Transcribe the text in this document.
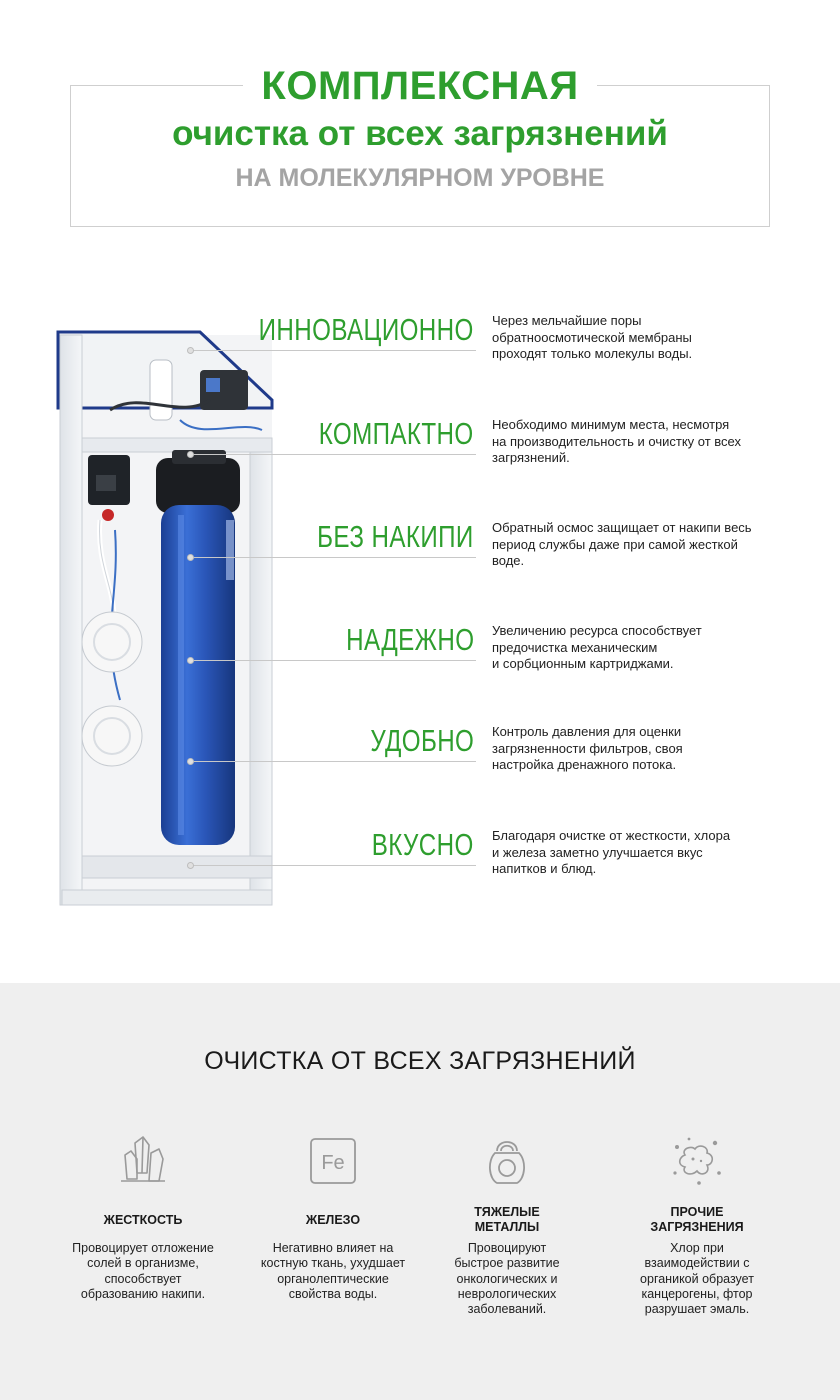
КОМПЛЕКСНАЯ
очистка от всех загрязнений
НА МОЛЕКУЛЯРНОМ УРОВНЕ
ИННОВАЦИОННО Через мельчайшие поры
обратноосмотической мембраны
проходят только молекулы воды.
КОМПАКТНО Необходимо минимум места, несмотря
на производительность и очистку от всех
загрязнений.
БЕЗ НАКИПИ Обратный осмос защищает от накипи весь
период службы даже при самой жесткой
воде.
НАДЕЖНО Увеличению ресурса способствует
предочистка механическим
и сорбционным картриджами.
УДОБНО Контроль давления для оценки
загрязненности фильтров, своя
настройка дренажного потока.
ВКУСНО Благодаря очистке от жесткости, хлора
и железа заметно улучшается вкус
напитков и блюд.
ОЧИСТКА ОТ ВСЕХ ЗАГРЯЗНЕНИЙ
ЖЕСТКОСТЬ
Провоцирует отложение
солей в организме,
способствует
образованию накипи.
Fe
ЖЕЛЕЗО
Негативно влияет на
костную ткань, ухудшает
органолептические
свойства воды.
ТЯЖЕЛЫЕ
МЕТАЛЛЫ
Провоцируют
быстрое развитие
онкологических и
неврологических
заболеваний.
ПРОЧИЕ
ЗАГРЯЗНЕНИЯ
Хлор при
взаимодействии с
органикой образует
канцерогены, фтор
разрушает эмаль.
